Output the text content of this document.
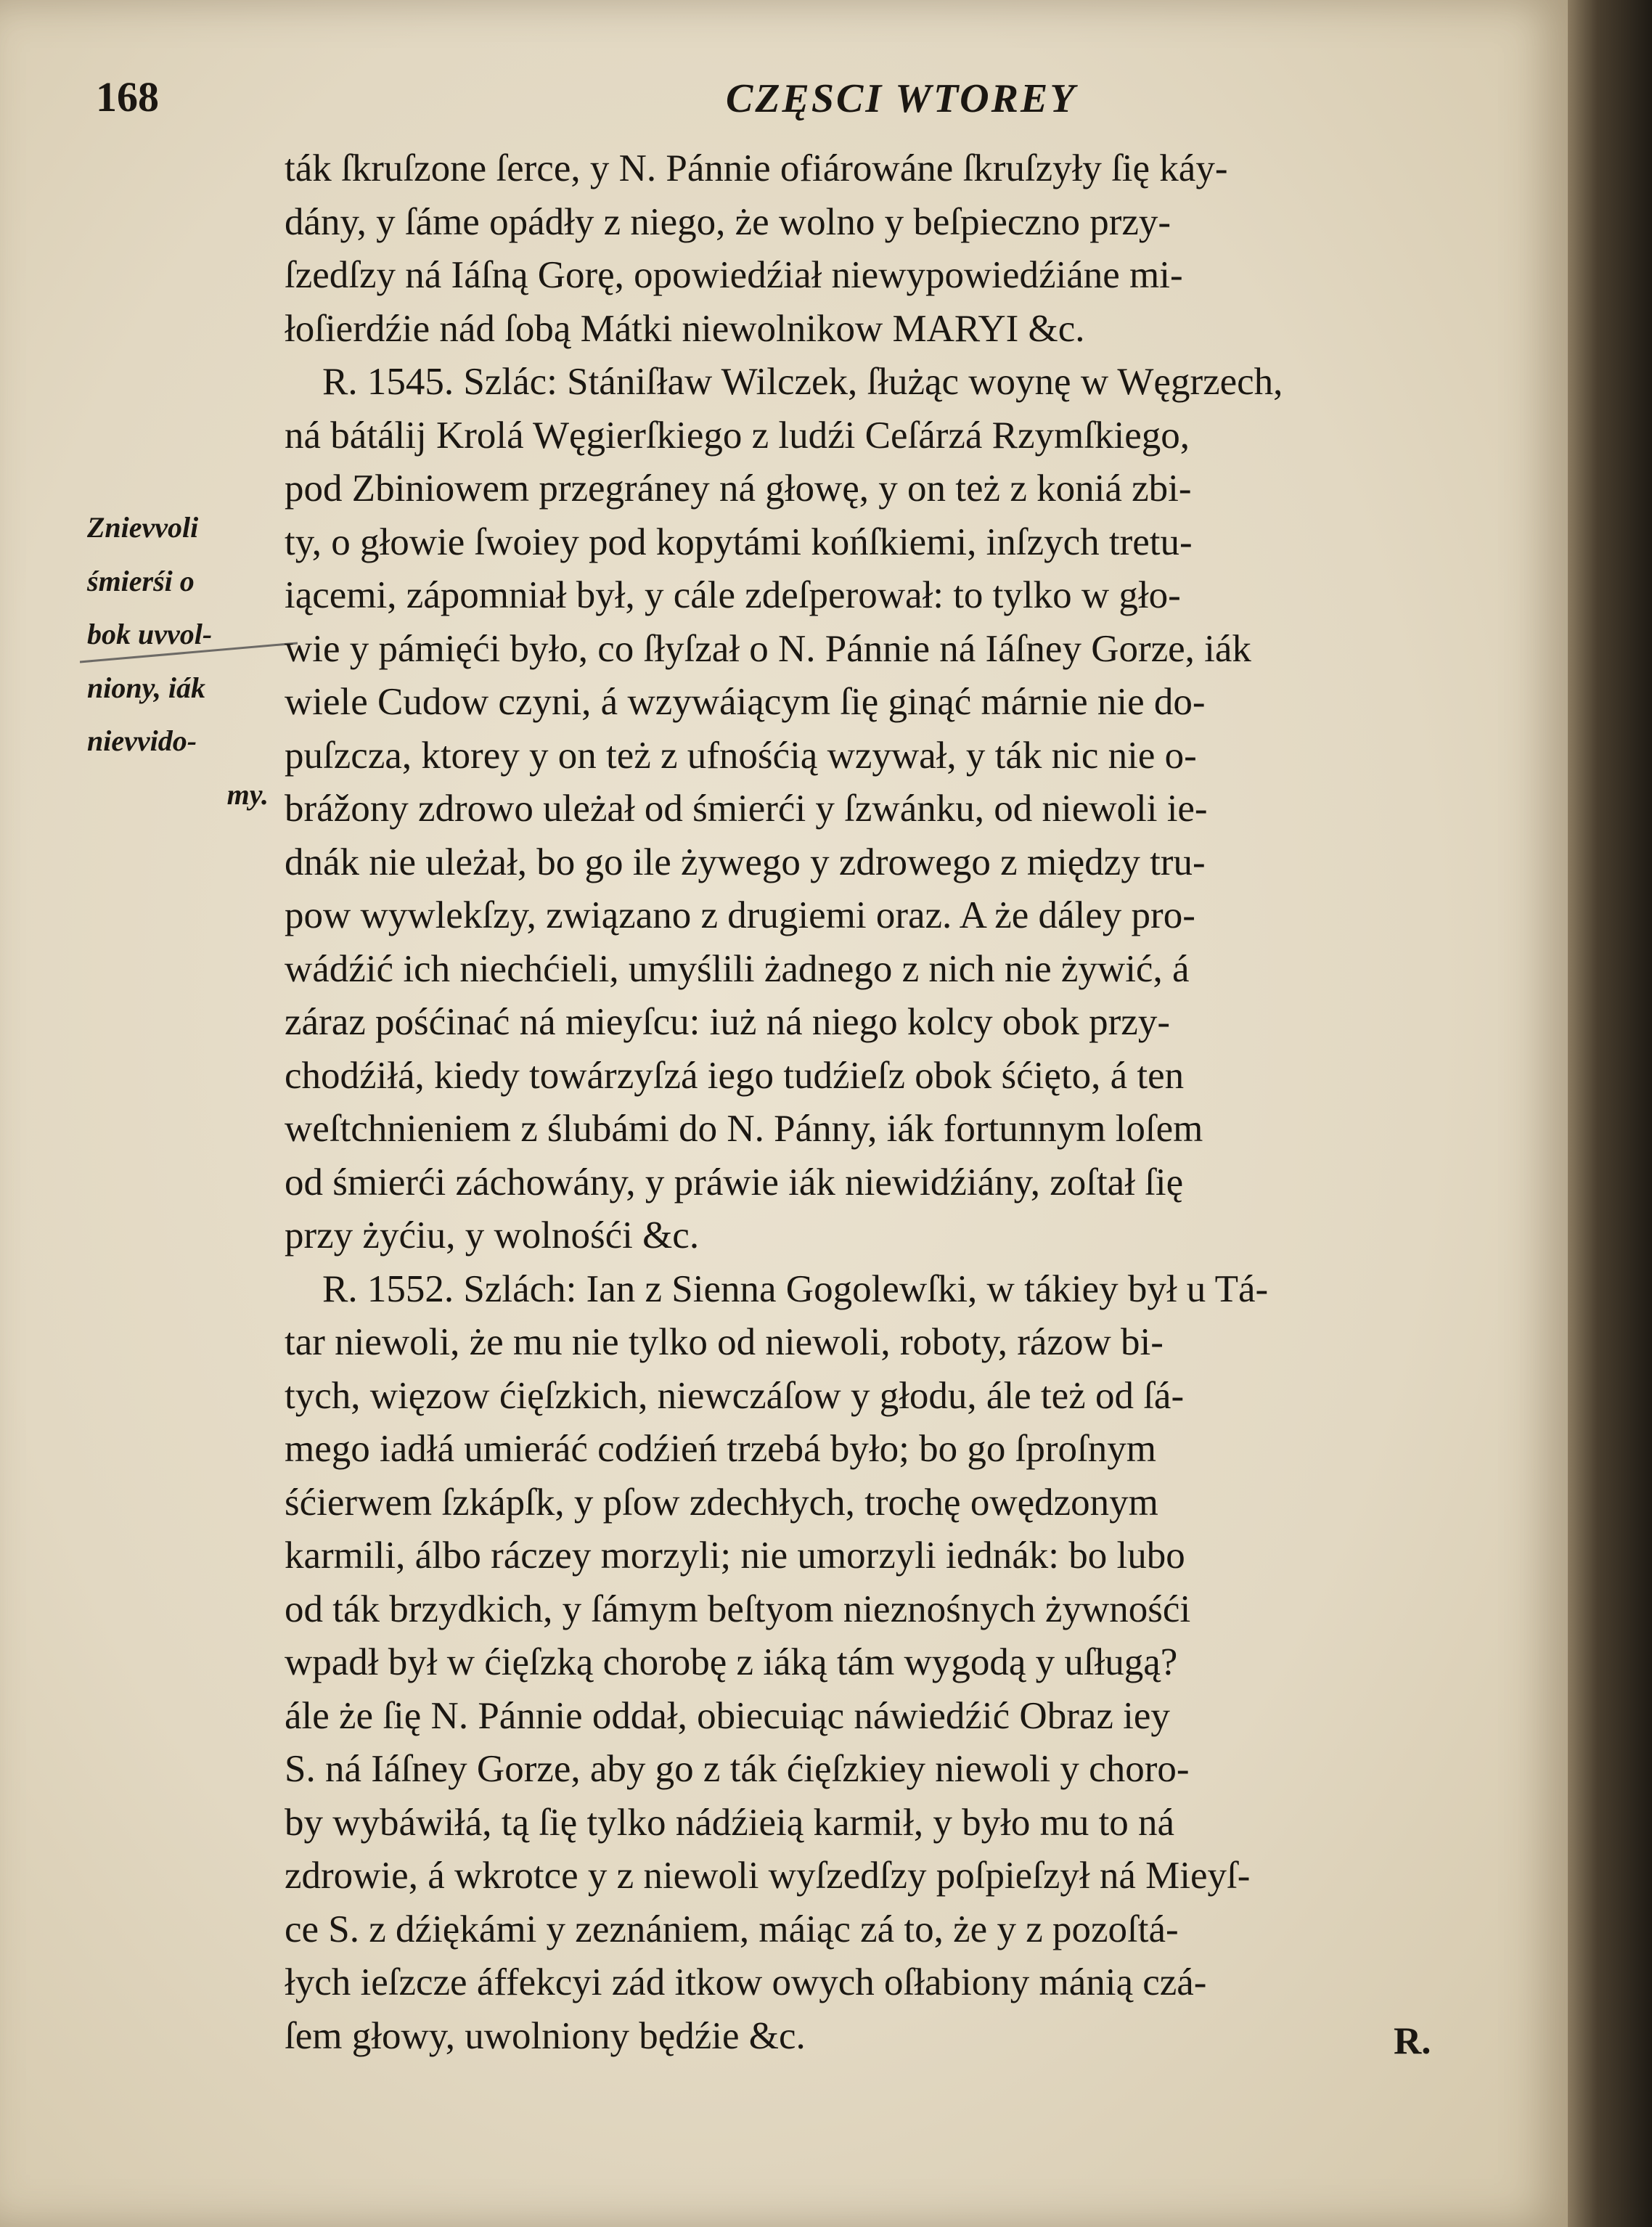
168	CZĘSCI WTOREY
Znievvoli
śmierśi o
bok uvvol-
niony, iák
nievvido-
my.
ták ſkruſzone ſerce, y N. Pánnie ofiárowáne ſkruſzyły ſię káy-
dány, y ſáme opádły z niego, że wolno y beſpieczno przy-
ſzedſzy ná Iáſną Gorę, opowiedźiał niewypowiedźiáne mi-
łoſierdźie nád ſobą Mátki niewolnikow MARYI &c.
R. 1545. Szlác: Stániſław Wilczek, ſłużąc woynę w Węgrzech,
ná bátálij Krolá Węgierſkiego z ludźi Ceſárzá Rzymſkiego,
pod Zbiniowem przegráney ná głowę, y on też z koniá zbi-
ty, o głowie ſwoiey pod kopytámi końſkiemi, inſzych tretu-
iącemi, zápomniał był, y cále zdeſperował: to tylko w gło-
wie y pámięći było, co ſłyſzał o N. Pánnie ná Iáſney Gorze, iák
wiele Cudow czyni, á wzywáiącym ſię ginąć márnie nie do-
puſzcza, ktorey y on też z ufnośćią wzywał, y ták nic nie o-
brážony zdrowo uleżał od śmierći y ſzwánku, od niewoli ie-
dnák nie uleżał, bo go ile żywego y zdrowego z między tru-
pow wywlekſzy, związano z drugiemi oraz. A że dáley pro-
wádźić ich niechćieli, umyślili żadnego z nich nie żywić, á
záraz pośćinać ná mieyſcu: iuż ná niego kolcy obok przy-
chodźiłá, kiedy towárzyſzá iego tudźieſz obok śćięto, á ten
weſtchnieniem z ślubámi do N. Pánny, iák fortunnym loſem
od śmierći záchowány, y práwie iák niewidźiány, zoſtał ſię
przy żyćiu, y wolnośći &c.
R. 1552. Szlách: Ian z Sienna Gogolewſki, w tákiey był u Tá-
tar niewoli, że mu nie tylko od niewoli, roboty, rázow bi-
tych, więzow ćięſzkich, niewczáſow y głodu, ále też od ſá-
mego iadłá umieráć codźień trzebá było; bo go ſproſnym
śćierwem ſzkápſk, y pſow zdechłych, trochę owędzonym
karmili, álbo ráczey morzyli; nie umorzyli iednák: bo lubo
od ták brzydkich, y ſámym beſtyom nieznośnych żywnośći
wpadł był w ćięſzką chorobę z iáką tám wygodą y uſługą?
ále że ſię N. Pánnie oddał, obiecuiąc náwiedźić Obraz iey
S. ná Iáſney Gorze, aby go z ták ćięſzkiey niewoli y choro-
by wybáwiłá, tą ſię tylko nádźieią karmił, y było mu to ná
zdrowie, á wkrotce y z niewoli wyſzedſzy poſpieſzył ná Mieyſ-
ce S. z dźiękámi y zeznániem, máiąc zá to, że y z pozoſtá-
łych ieſzcze áffekcyi zád itkow owych oſłabiony mánią czá-
ſem głowy, uwolniony będźie &c.	R.
